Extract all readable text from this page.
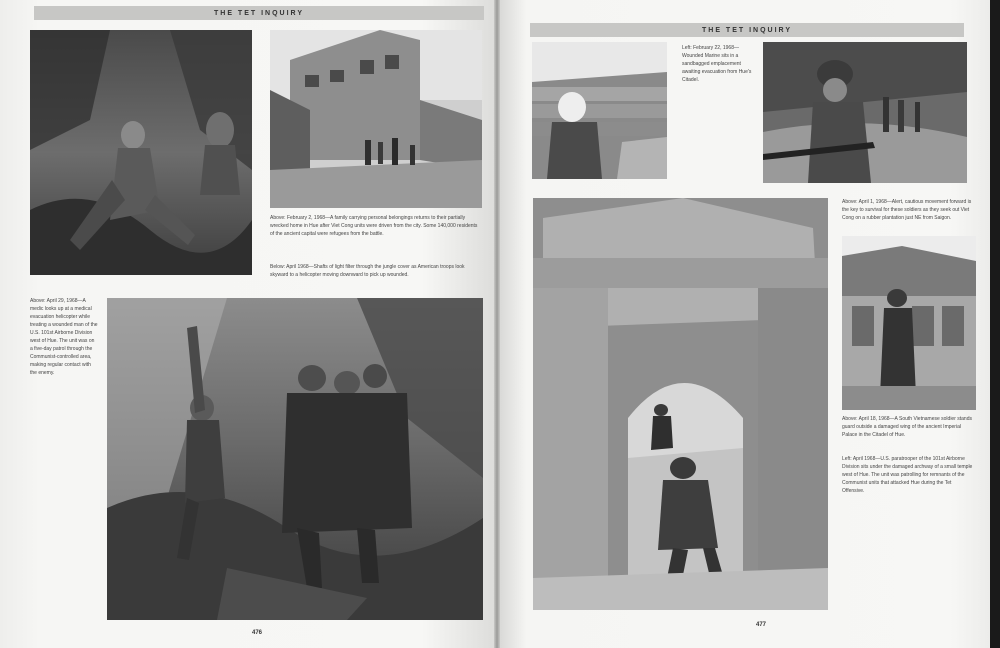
THE TET INQUIRY
THE TET INQUIRY
Above: February 2, 1968—A family carrying personal belongings returns to their partially wrecked home in Hue after Viet Cong units were driven from the city. Some 140,000 residents of the ancient capital were refugees from the battle.
Below: April 1968—Shafts of light filter through the jungle cover as American troops look skyward to a helicopter moving downward to pick up wounded.
Above: April 29, 1968—A medic looks up at a medical evacuation helicopter while treating a wounded man of the U.S. 101st Airborne Division west of Hue. The unit was on a five-day patrol through the Communist-controlled area, making regular contact with the enemy.
476
Left: February 22, 1968—Wounded Marine sits in a sandbagged emplacement awaiting evacuation from Hue's Citadel.
Above: April 1, 1968—Alert, cautious movement forward is the key to survival for these soldiers as they seek out Viet Cong on a rubber plantation just NE from Saigon.
Above: April 18, 1968—A South Vietnamese soldier stands guard outside a damaged wing of the ancient Imperial Palace in the Citadel of Hue.
Left: April 1968—U.S. paratrooper of the 101st Airborne Division sits under the damaged archway of a small temple west of Hue. The unit was patrolling for remnants of the Communist units that attacked Hue during the Tet Offensive.
477
